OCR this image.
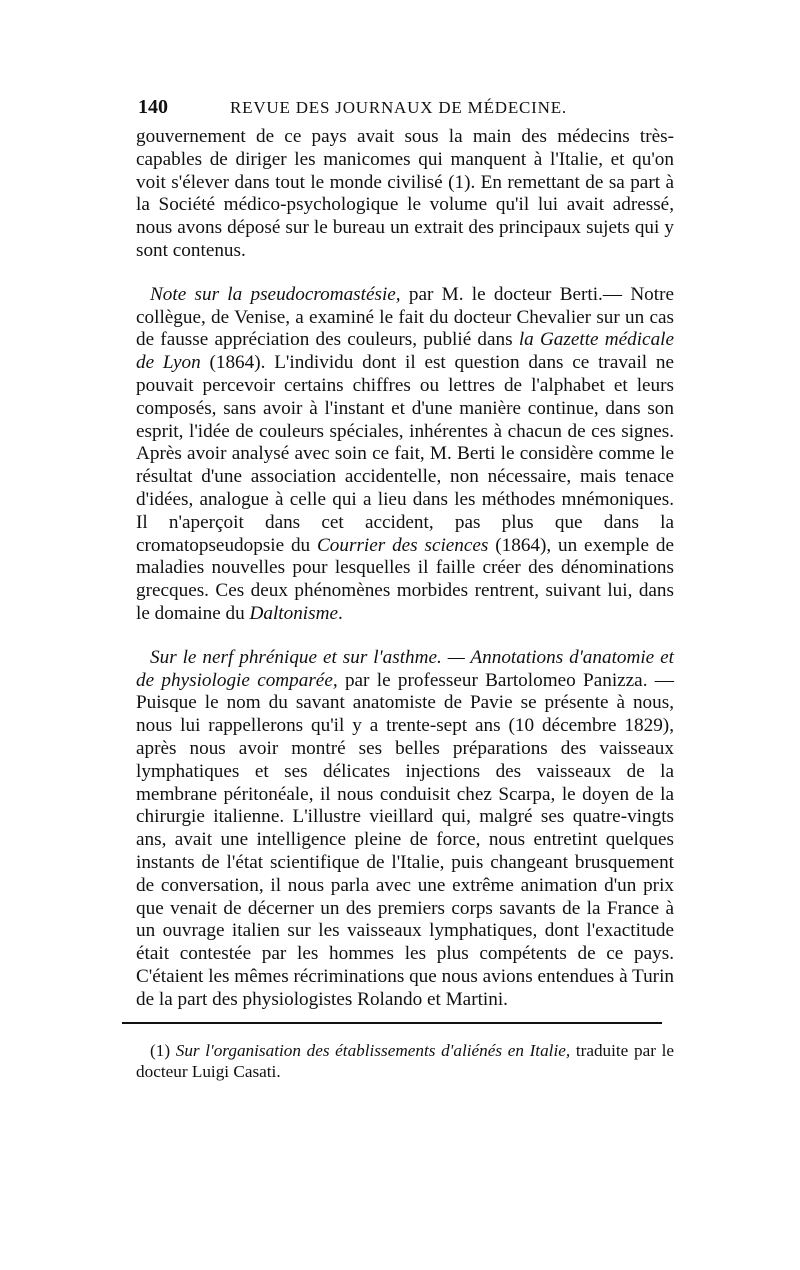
140	REVUE DES JOURNAUX DE MÉDECINE.

gouvernement de ce pays avait sous la main des médecins très-capables de diriger les manicomes qui manquent à l'Italie, et qu'on voit s'élever dans tout le monde civilisé (1). En remettant de sa part à la Société médico-psychologique le volume qu'il lui avait adressé, nous avons déposé sur le bureau un extrait des principaux sujets qui y sont contenus.

Note sur la pseudocromastésie, par M. le docteur Berti.— Notre collègue, de Venise, a examiné le fait du docteur Chevalier sur un cas de fausse appréciation des couleurs, publié dans la Gazette médicale de Lyon (1864). L'individu dont il est question dans ce travail ne pouvait percevoir certains chiffres ou lettres de l'alphabet et leurs composés, sans avoir à l'instant et d'une manière continue, dans son esprit, l'idée de couleurs spéciales, inhérentes à chacun de ces signes. Après avoir analysé avec soin ce fait, M. Berti le considère comme le résultat d'une association accidentelle, non nécessaire, mais tenace d'idées, analogue à celle qui a lieu dans les méthodes mnémoniques. Il n'aperçoit dans cet accident, pas plus que dans la cromatopseudopsie du Courrier des sciences (1864), un exemple de maladies nouvelles pour lesquelles il faille créer des dénominations grecques. Ces deux phénomènes morbides rentrent, suivant lui, dans le domaine du Daltonisme.

Sur le nerf phrénique et sur l'asthme. — Annotations d'anatomie et de physiologie comparée, par le professeur Bartolomeo Panizza. — Puisque le nom du savant anatomiste de Pavie se présente à nous, nous lui rappellerons qu'il y a trente-sept ans (10 décembre 1829), après nous avoir montré ses belles préparations des vaisseaux lymphatiques et ses délicates injections des vaisseaux de la membrane péritonéale, il nous conduisit chez Scarpa, le doyen de la chirurgie italienne. L'illustre vieillard qui, malgré ses quatre-vingts ans, avait une intelligence pleine de force, nous entretint quelques instants de l'état scientifique de l'Italie, puis changeant brusquement de conversation, il nous parla avec une extrême animation d'un prix que venait de décerner un des premiers corps savants de la France à un ouvrage italien sur les vaisseaux lymphatiques, dont l'exactitude était contestée par les hommes les plus compétents de ce pays. C'étaient les mêmes récriminations que nous avions entendues à Turin de la part des physiologistes Rolando et Martini.

(1) Sur l'organisation des établissements d'aliénés en Italie, traduite par le docteur Luigi Casati.
